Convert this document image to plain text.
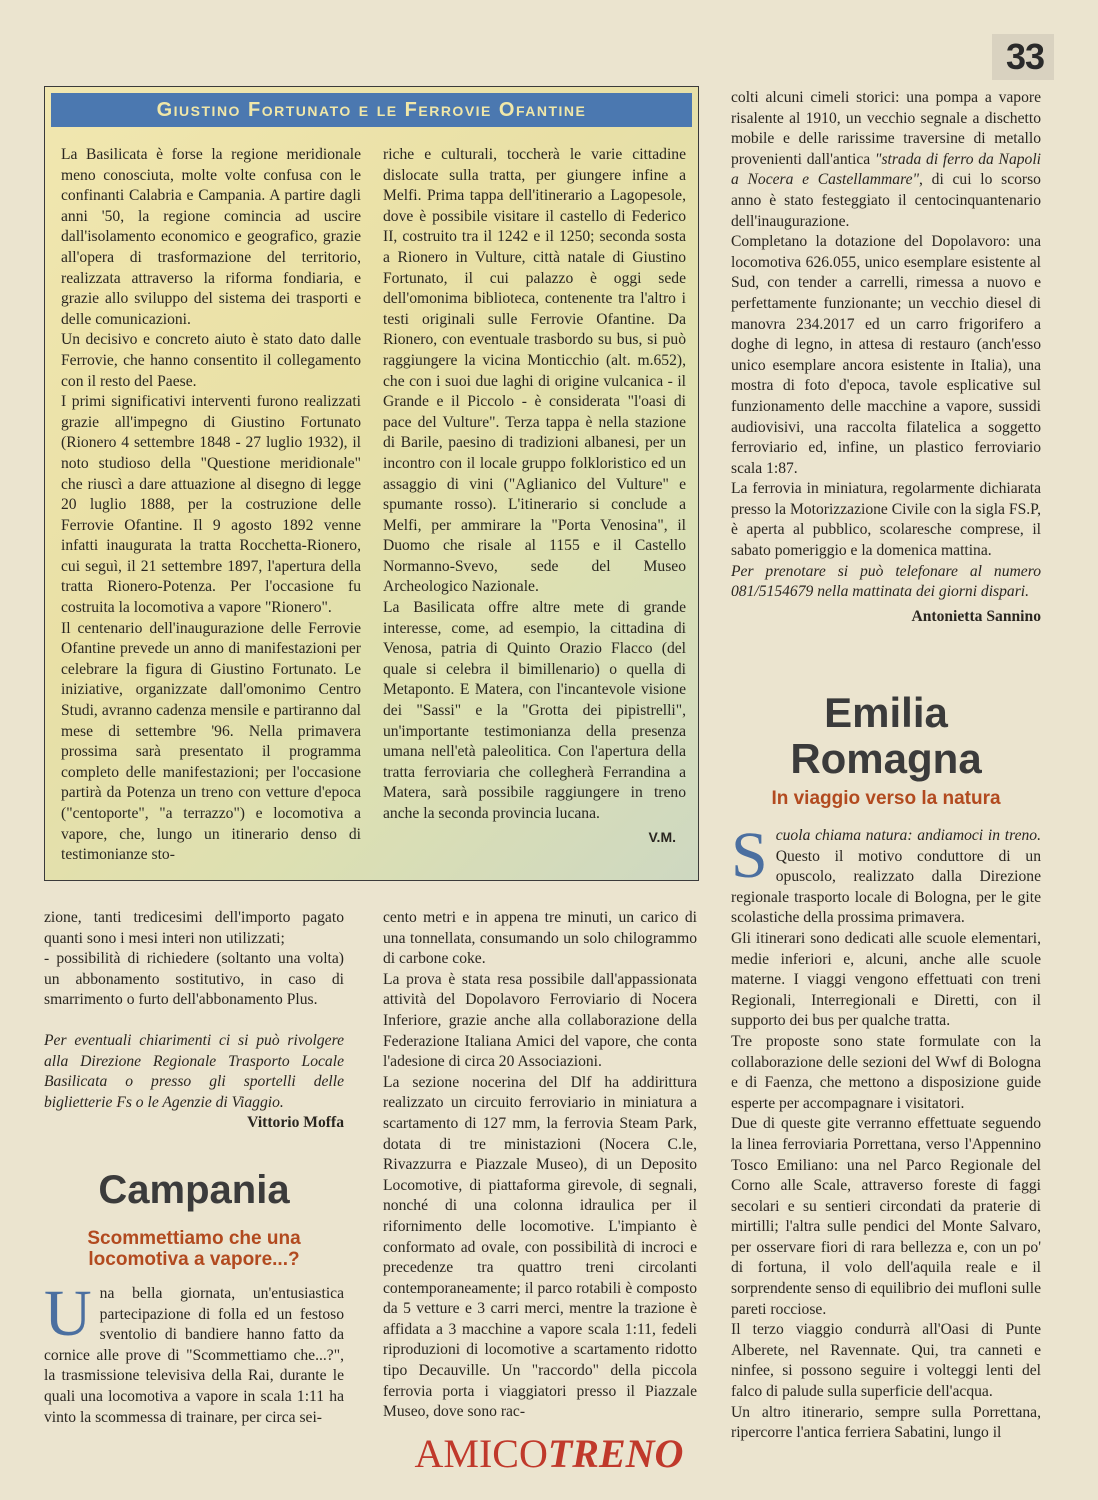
33
Giustino Fortunato e le Ferrovie Ofantine

La Basilicata è forse la regione meridionale meno conosciuta, molte volte confusa con le confinanti Calabria e Campania. A partire dagli anni '50, la regione comincia ad uscire dall'isolamento economico e geografico, grazie all'opera di trasformazione del territorio, realizzata attraverso la riforma fondiaria, e grazie allo sviluppo del sistema dei trasporti e delle comunicazioni.

Un decisivo e concreto aiuto è stato dato dalle Ferrovie, che hanno consentito il collegamento con il resto del Paese.

I primi significativi interventi furono realizzati grazie all'impegno di Giustino Fortunato (Rionero 4 settembre 1848 - 27 luglio 1932), il noto studioso della "Questione meridionale" che riuscì a dare attuazione al disegno di legge 20 luglio 1888, per la costruzione delle Ferrovie Ofantine. Il 9 agosto 1892 venne infatti inaugurata la tratta Rocchetta-Rionero, cui seguì, il 21 settembre 1897, l'apertura della tratta Rionero-Potenza. Per l'occasione fu costruita la locomotiva a vapore "Rionero".

Il centenario dell'inaugurazione delle Ferrovie Ofantine prevede un anno di manifestazioni per celebrare la figura di Giustino Fortunato. Le iniziative, organizzate dall'omonimo Centro Studi, avranno cadenza mensile e partiranno dal mese di settembre '96. Nella primavera prossima sarà presentato il programma completo delle manifestazioni; per l'occasione partirà da Potenza un treno con vetture d'epoca ("centoporte", "a terrazzo") e locomotiva a vapore, che, lungo un itinerario denso di testimonianze sto-

riche e culturali, toccherà le varie cittadine dislocate sulla tratta, per giungere infine a Melfi. Prima tappa dell'itinerario a Lagopesole, dove è possibile visitare il castello di Federico II, costruito tra il 1242 e il 1250; seconda sosta a Rionero in Vulture, città natale di Giustino Fortunato, il cui palazzo è oggi sede dell'omonima biblioteca, contenente tra l'altro i testi originali sulle Ferrovie Ofantine. Da Rionero, con eventuale trasbordo su bus, si può raggiungere la vicina Monticchio (alt. m.652), che con i suoi due laghi di origine vulcanica - il Grande e il Piccolo - è considerata "l'oasi di pace del Vulture". Terza tappa è nella stazione di Barile, paesino di tradizioni albanesi, per un incontro con il locale gruppo folkloristico ed un assaggio di vini ("Aglianico del Vulture" e spumante rosso). L'itinerario si conclude a Melfi, per ammirare la "Porta Venosina", il Duomo che risale al 1155 e il Castello Normanno-Svevo, sede del Museo Archeologico Nazionale.

La Basilicata offre altre mete di grande interesse, come, ad esempio, la cittadina di Venosa, patria di Quinto Orazio Flacco (del quale si celebra il bimillenario) o quella di Metaponto. E Matera, con l'incantevole visione dei "Sassi" e la "Grotta dei pipistrelli", un'importante testimonianza della presenza umana nell'età paleolitica. Con l'apertura della tratta ferroviaria che collegherà Ferrandina a Matera, sarà possibile raggiungere in treno anche la seconda provincia lucana.

V.M.

zione, tanti tredicesimi dell'importo pagato quanti sono i mesi interi non utilizzati;

- possibilità di richiedere (soltanto una volta) un abbonamento sostitutivo, in caso di smarrimento o furto dell'abbonamento Plus.

Per eventuali chiarimenti ci si può rivolgere alla Direzione Regionale Trasporto Locale Basilicata o presso gli sportelli delle biglietterie Fs o le Agenzie di Viaggio.

Vittorio Moffa

Campania
Scommettiamo che una locomotiva a vapore...?
U na bella giornata, un'entusiastica partecipazione di folla ed un festoso sventolio di bandiere hanno fatto da cornice alle prove di "Scommettiamo che...?", la trasmissione televisiva della Rai, durante le quali una locomotiva a vapore in scala 1:11 ha vinto la scommessa di trainare, per circa sei-

cento metri e in appena tre minuti, un carico di una tonnellata, consumando un solo chilogrammo di carbone coke.

La prova è stata resa possibile dall'appassionata attività del Dopolavoro Ferroviario di Nocera Inferiore, grazie anche alla collaborazione della Federazione Italiana Amici del vapore, che conta l'adesione di circa 20 Associazioni.

La sezione nocerina del Dlf ha addirittura realizzato un circuito ferroviario in miniatura a scartamento di 127 mm, la ferrovia Steam Park, dotata di tre ministazioni (Nocera C.le, Rivazzurra e Piazzale Museo), di un Deposito Locomotive, di piattaforma girevole, di segnali, nonché di una colonna idraulica per il rifornimento delle locomotive. L'impianto è conformato ad ovale, con possibilità di incroci e precedenze tra quattro treni circolanti contemporaneamente; il parco rotabili è composto da 5 vetture e 3 carri merci, mentre la trazione è affidata a 3 macchine a vapore scala 1:11, fedeli riproduzioni di locomotive a scartamento ridotto tipo Decauville. Un "raccordo" della piccola ferrovia porta i viaggiatori presso il Piazzale Museo, dove sono rac-

colti alcuni cimeli storici: una pompa a vapore risalente al 1910, un vecchio segnale a dischetto mobile e delle rarissime traversine di metallo provenienti dall'antica "strada di ferro da Napoli a Nocera e Castellammare", di cui lo scorso anno è stato festeggiato il centocinquantenario dell'inaugurazione.

Completano la dotazione del Dopolavoro: una locomotiva 626.055, unico esemplare esistente al Sud, con tender a carrelli, rimessa a nuovo e perfettamente funzionante; un vecchio diesel di manovra 234.2017 ed un carro frigorifero a doghe di legno, in attesa di restauro (anch'esso unico esemplare ancora esistente in Italia), una mostra di foto d'epoca, tavole esplicative sul funzionamento delle macchine a vapore, sussidi audiovisivi, una raccolta filatelica a soggetto ferroviario ed, infine, un plastico ferroviario scala 1:87.

La ferrovia in miniatura, regolarmente dichiarata presso la Motorizzazione Civile con la sigla FS.P, è aperta al pubblico, scolaresche comprese, il sabato pomeriggio e la domenica mattina.

Per prenotare si può telefonare al numero 081/5154679 nella mattinata dei giorni dispari.

Antonietta Sannino

Emilia
Romagna
In viaggio verso la natura

Scuola chiama natura: andiamoci in treno. Questo il motivo conduttore di un opuscolo, realizzato dalla Direzione regionale trasporto locale di Bologna, per le gite scolastiche della prossima primavera.

Gli itinerari sono dedicati alle scuole elementari, medie inferiori e, alcuni, anche alle scuole materne. I viaggi vengono effettuati con treni Regionali, Interregionali e Diretti, con il supporto dei bus per qualche tratta.

Tre proposte sono state formulate con la collaborazione delle sezioni del Wwf di Bologna e di Faenza, che mettono a disposizione guide esperte per accompagnare i visitatori.

Due di queste gite verranno effettuate seguendo la linea ferroviaria Porrettana, verso l'Appennino Tosco Emiliano: una nel Parco Regionale del Corno alle Scale, attraverso foreste di faggi secolari e su sentieri circondati da praterie di mirtilli; l'altra sulle pendici del Monte Salvaro, per osservare fiori di rara bellezza e, con un po' di fortuna, il volo dell'aquila reale e il sorprendente senso di equilibrio dei mufloni sulle pareti rocciose.

Il terzo viaggio condurrà all'Oasi di Punte Alberete, nel Ravennate. Qui, tra canneti e ninfee, si possono seguire i volteggi lenti del falco di palude sulla superficie dell'acqua.

Un altro itinerario, sempre sulla Porrettana, ripercorre l'antica ferriera Sabatini, lungo il

AMICOTRENO
